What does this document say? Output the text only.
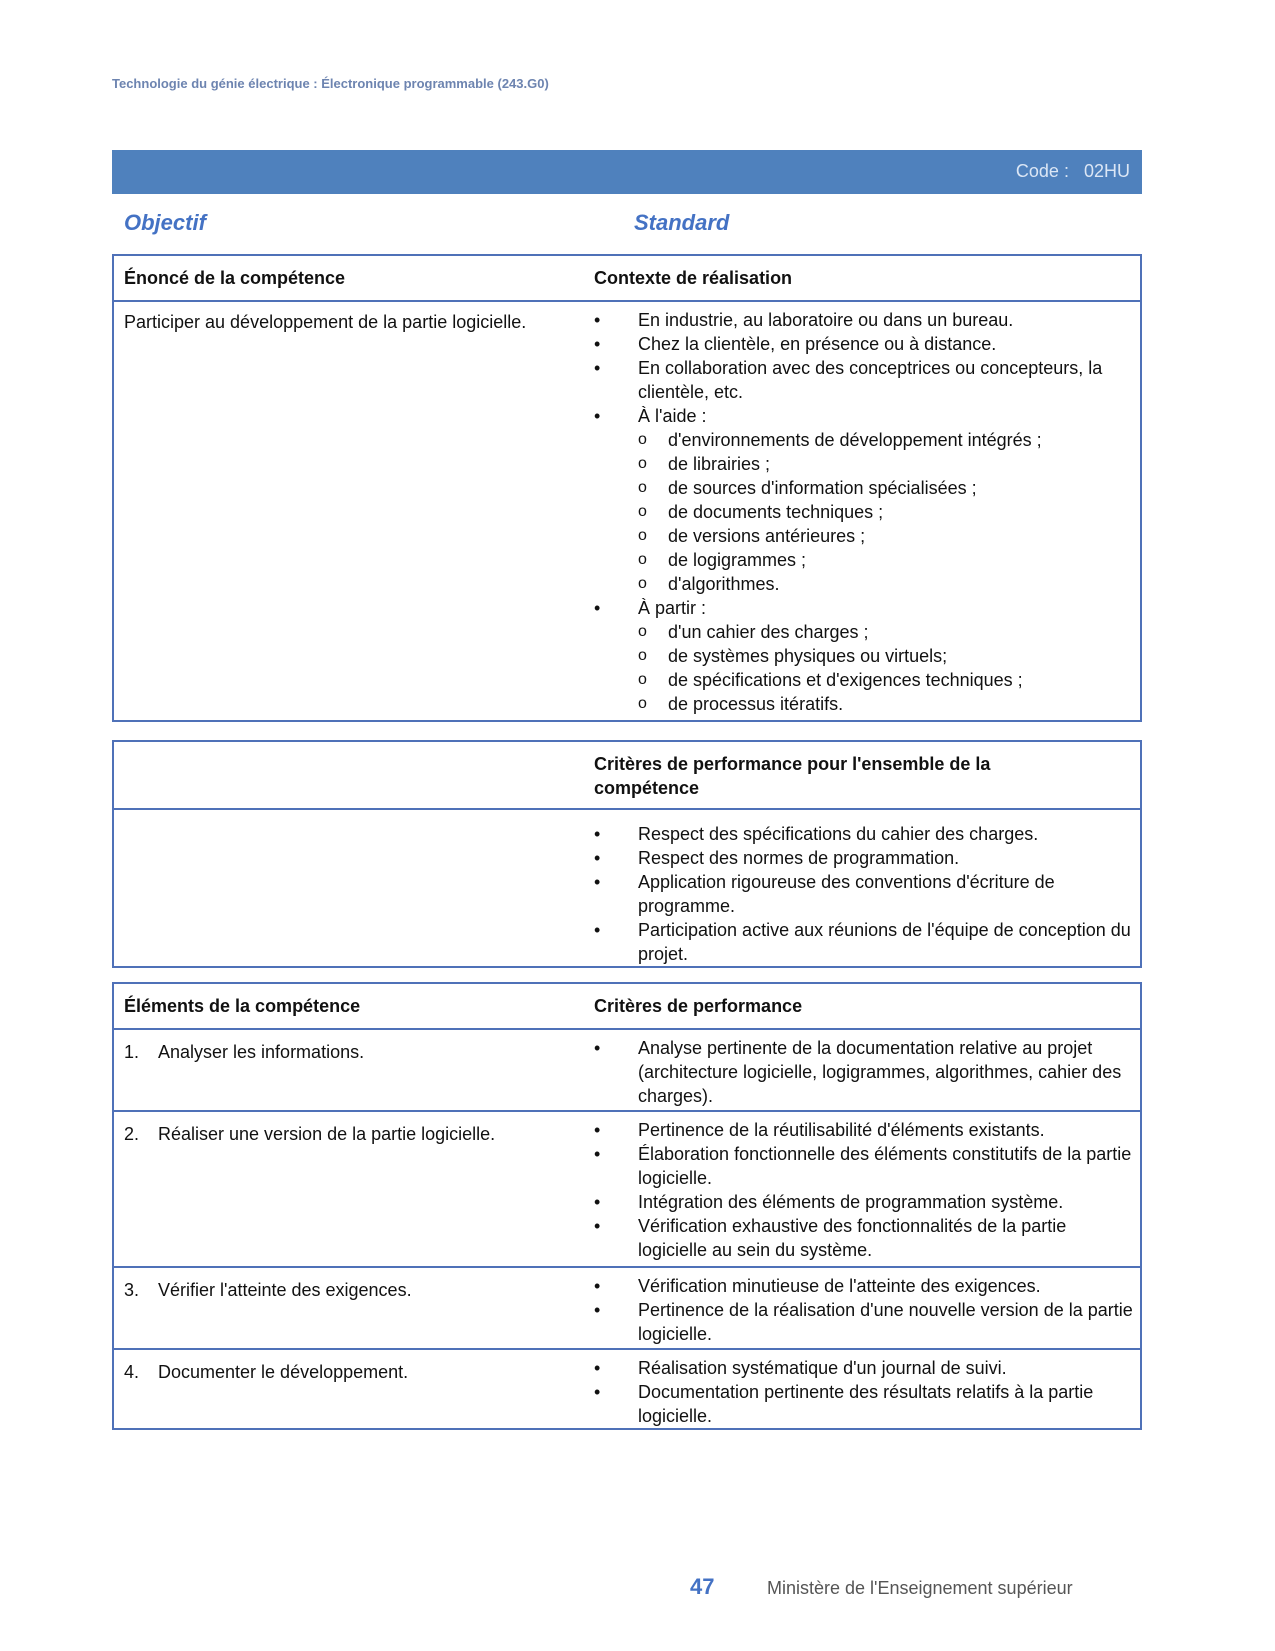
Technologie du génie électrique : Électronique programmable (243.G0)
Code : 02HU
Objectif	Standard
Énoncé de la compétence	Contexte de réalisation
Participer au développement de la partie logicielle.	• En industrie, au laboratoire ou dans un bureau.
• Chez la clientèle, en présence ou à distance.
• En collaboration avec des conceptrices ou concepteurs, la clientèle, etc.
• À l'aide :
o d'environnements de développement intégrés ;
o de librairies ;
o de sources d'information spécialisées ;
o de documents techniques ;
o de versions antérieures ;
o de logigrammes ;
o d'algorithmes.
• À partir :
o d'un cahier des charges ;
o de systèmes physiques ou virtuels;
o de spécifications et d'exigences techniques ;
o de processus itératifs.
Critères de performance pour l'ensemble de la compétence
• Respect des spécifications du cahier des charges.
• Respect des normes de programmation.
• Application rigoureuse des conventions d'écriture de programme.
• Participation active aux réunions de l'équipe de conception du projet.
Éléments de la compétence	Critères de performance
1. Analyser les informations.	• Analyse pertinente de la documentation relative au projet (architecture logicielle, logigrammes, algorithmes, cahier des charges).
2. Réaliser une version de la partie logicielle.	• Pertinence de la réutilisabilité d'éléments existants.
• Élaboration fonctionnelle des éléments constitutifs de la partie logicielle.
• Intégration des éléments de programmation système.
• Vérification exhaustive des fonctionnalités de la partie logicielle au sein du système.
3. Vérifier l'atteinte des exigences.	• Vérification minutieuse de l'atteinte des exigences.
• Pertinence de la réalisation d'une nouvelle version de la partie logicielle.
4. Documenter le développement.	• Réalisation systématique d'un journal de suivi.
• Documentation pertinente des résultats relatifs à la partie logicielle.
47	Ministère de l'Enseignement supérieur
